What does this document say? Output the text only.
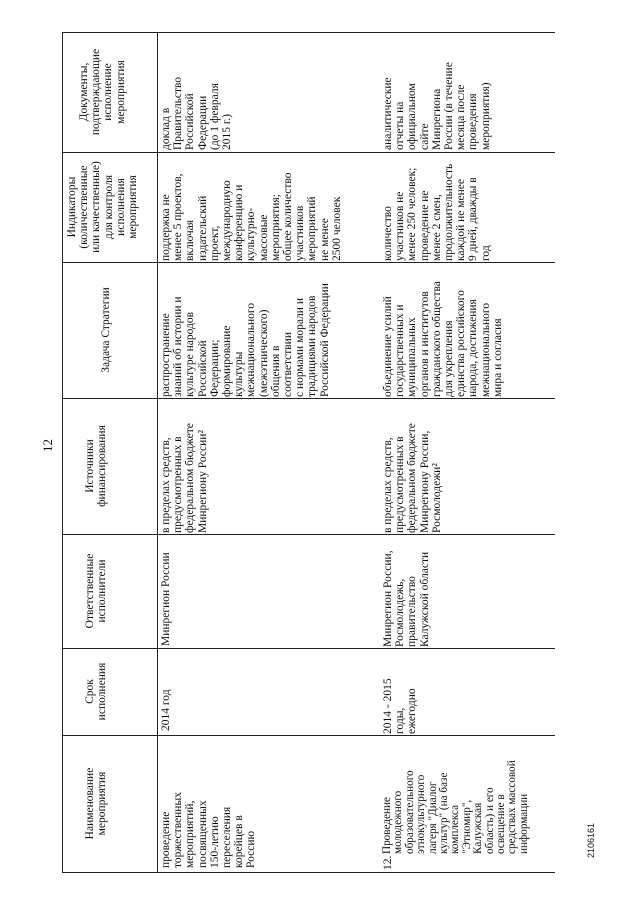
12
2106161
Наименование
мероприятия
Срок
исполнения
Ответственные
исполнители
Источники
финансирования
Задача Стратегии
Индикаторы
(количественные
или качественные)
для контроля
исполнения
мероприятия
Документы,
подтверждающие
исполнение
мероприятия
проведение
торжественных
мероприятий,
посвященных
150-летию
переселения
корейцев в
Россию
2014 год
Минрегион России
в пределах средств,
предусмотренных в
федеральном бюджете
Минрегиону России²
распространение
знаний об истории и
культуре народов
Российской
Федерации;
формирование
культуры
межнационального
(межэтнического)
общения в
соответствии
с нормами морали и
традициями народов
Российской Федерации
поддержка не
менее 5 проектов,
включая
издательский
проект,
международную
конференцию и
культурно-
массовые
мероприятия;
общее количество
участников
мероприятий
не менее
2500 человек
доклад в
Правительство
Российской
Федерации
(до 1 февраля
2015 г.)
12.
Проведение
молодежного
образовательного
этнокультурного
лагеря "Диалог
культур" (на базе
комплекса
"Этномир",
Калужская
область) и его
освещение в
средствах массовой
информации
2014 - 2015
годы,
ежегодно
Минрегион России,
Росмолодежь,
правительство
Калужской области
в пределах средств,
предусмотренных в
федеральном бюджете
Минрегиону России,
Росмолодежи²
объединение усилий
государственных и
муниципальных
органов и институтов
гражданского общества
для укрепления
единства российского
народа, достижения
межнационального
мира и согласия
количество
участников не
менее 250 человек;
проведение не
менее 2 смен,
продолжительность
каждой не менее
9 дней, дважды в
год
аналитические
отчеты на
официальном
сайте
Минрегиона
России (в течение
месяца после
проведения
мероприятия)
